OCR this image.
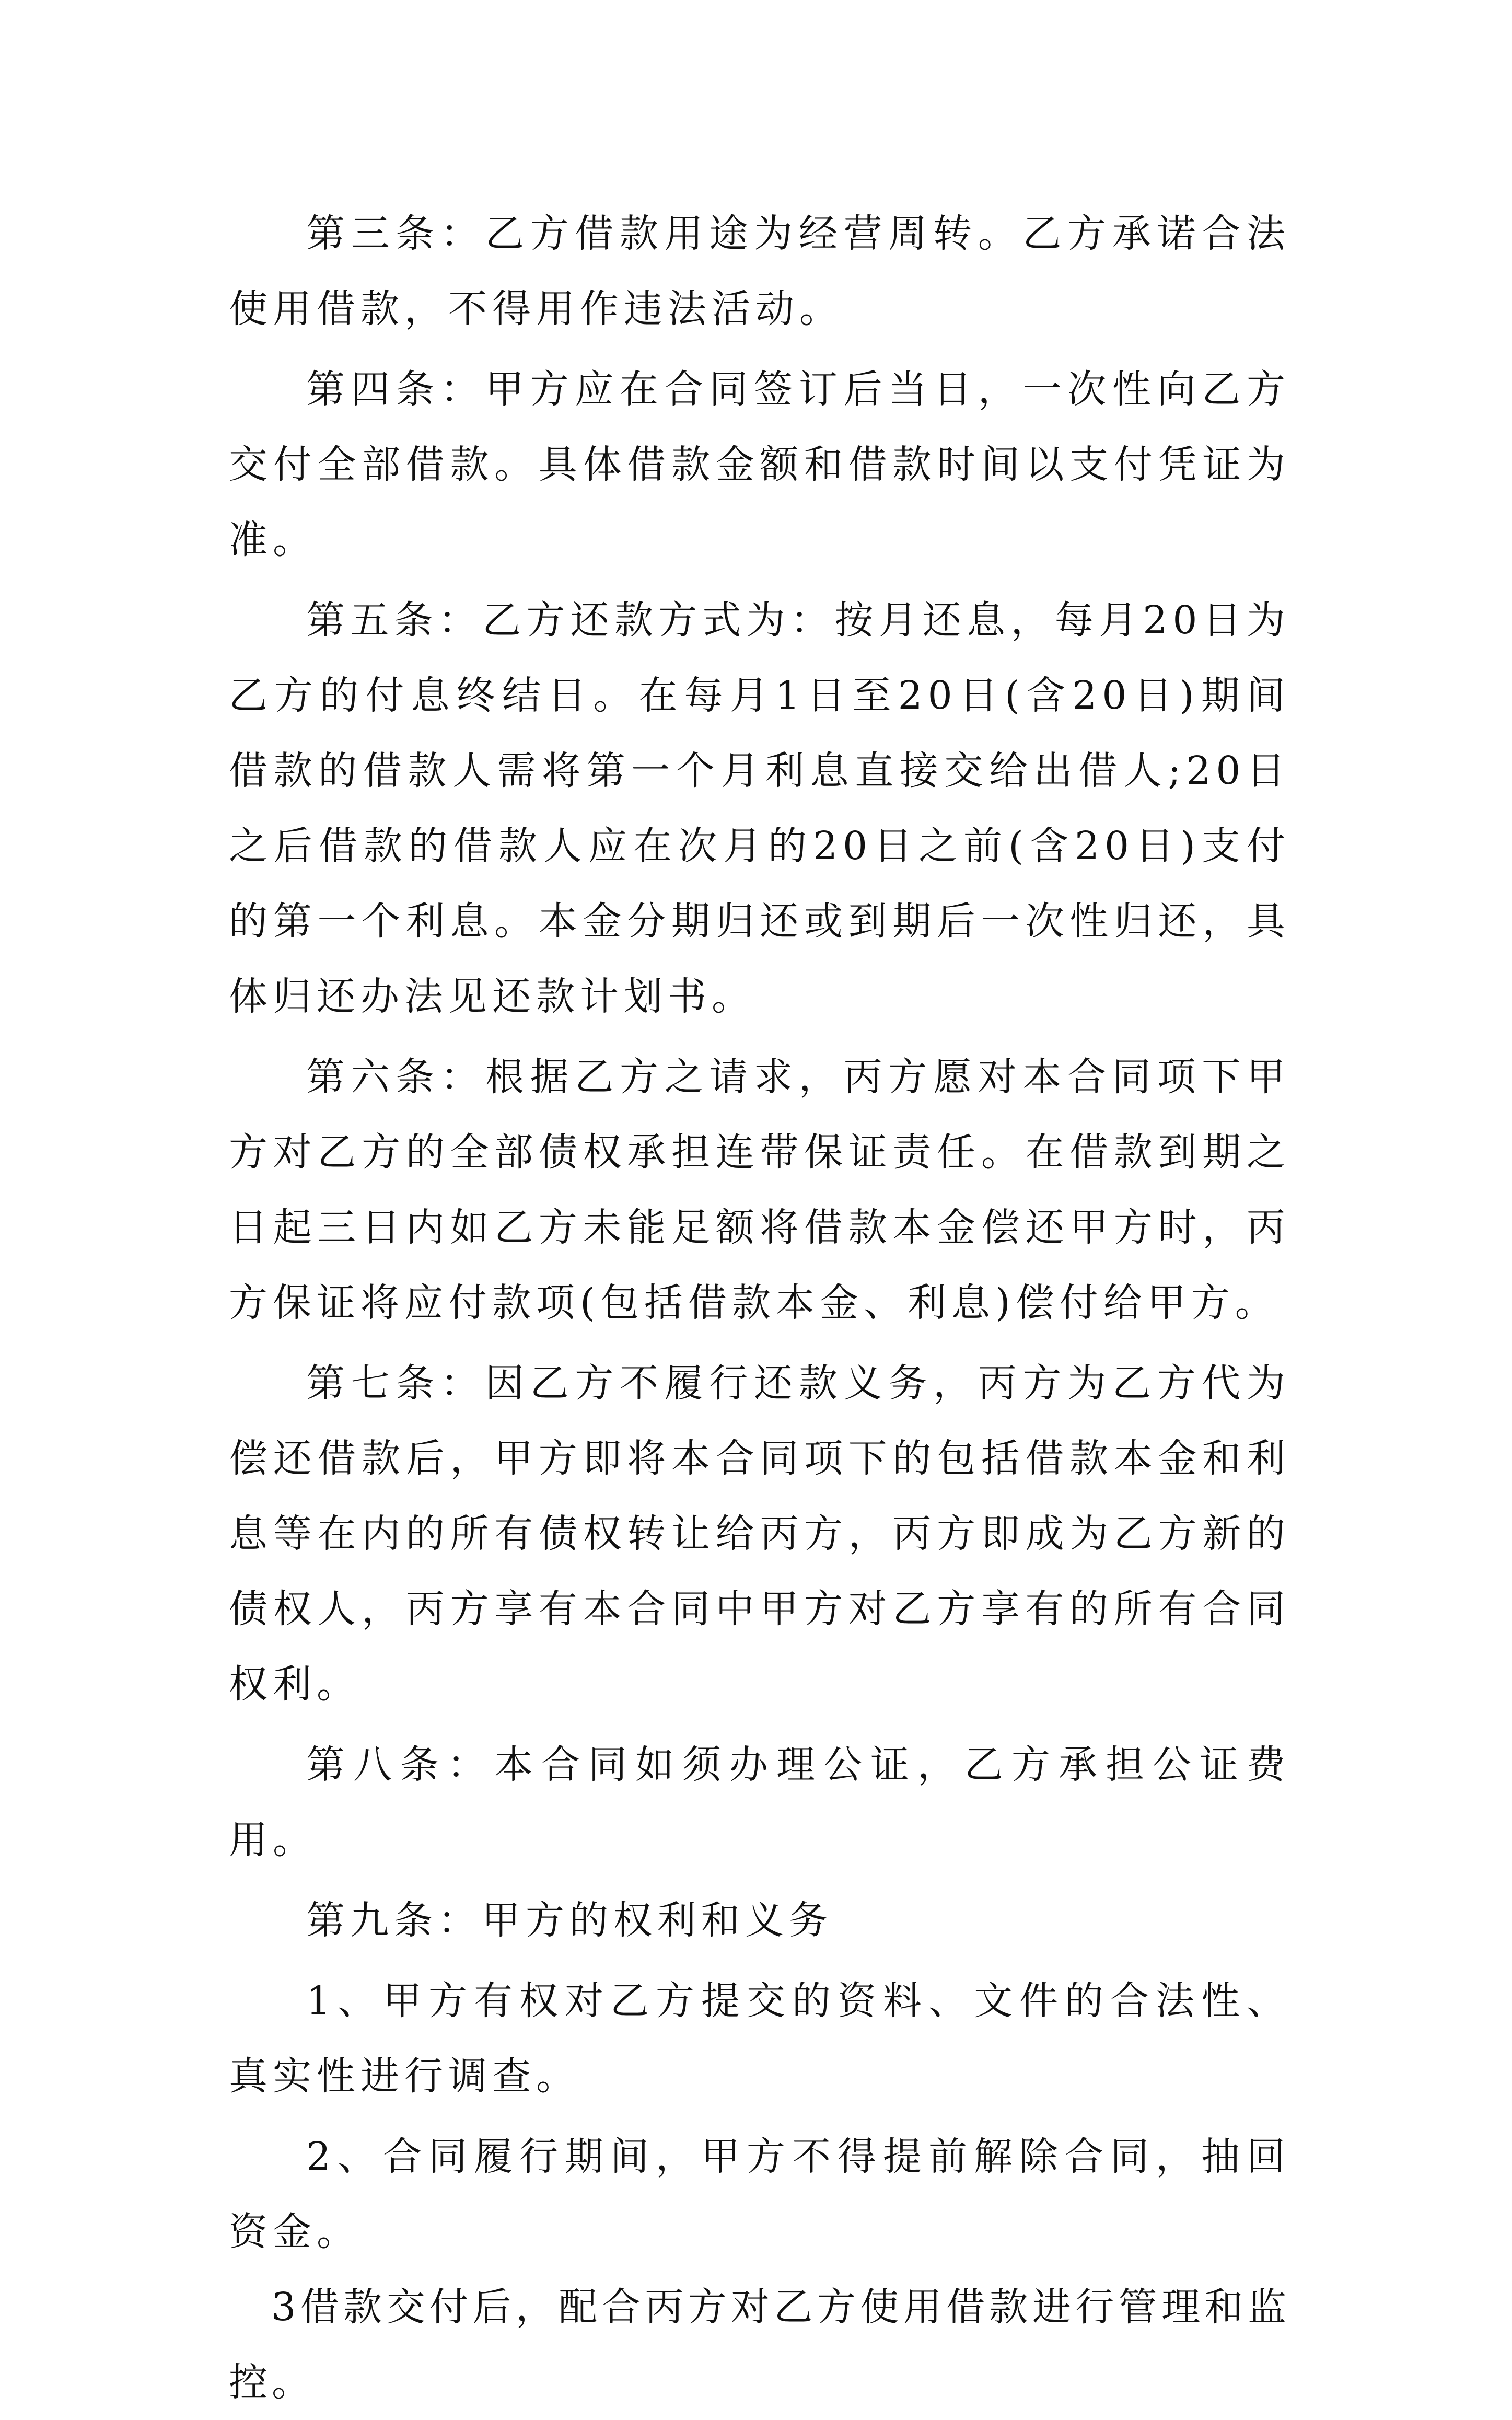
第三条：乙方借款用途为经营周转。乙方承诺合法使用借款，不得用作违法活动。

第四条：甲方应在合同签订后当日，一次性向乙方交付全部借款。具体借款金额和借款时间以支付凭证为准。

第五条：乙方还款方式为：按月还息，每月20日为乙方的付息终结日。在每月1日至20日(含20日)期间借款的借款人需将第一个月利息直接交给出借人;20日之后借款的借款人应在次月的20日之前(含20日)支付的第一个利息。本金分期归还或到期后一次性归还，具体归还办法见还款计划书。

第六条：根据乙方之请求，丙方愿对本合同项下甲方对乙方的全部债权承担连带保证责任。在借款到期之日起三日内如乙方未能足额将借款本金偿还甲方时，丙方保证将应付款项(包括借款本金、利息)偿付给甲方。

第七条：因乙方不履行还款义务，丙方为乙方代为偿还借款后，甲方即将本合同项下的包括借款本金和利息等在内的所有债权转让给丙方，丙方即成为乙方新的债权人，丙方享有本合同中甲方对乙方享有的所有合同权利。

第八条：本合同如须办理公证，乙方承担公证费用。

第九条：甲方的权利和义务

1、甲方有权对乙方提交的资料、文件的合法性、真实性进行调查。

2、合同履行期间，甲方不得提前解除合同，抽回资金。

3借款交付后，配合丙方对乙方使用借款进行管理和监控。
